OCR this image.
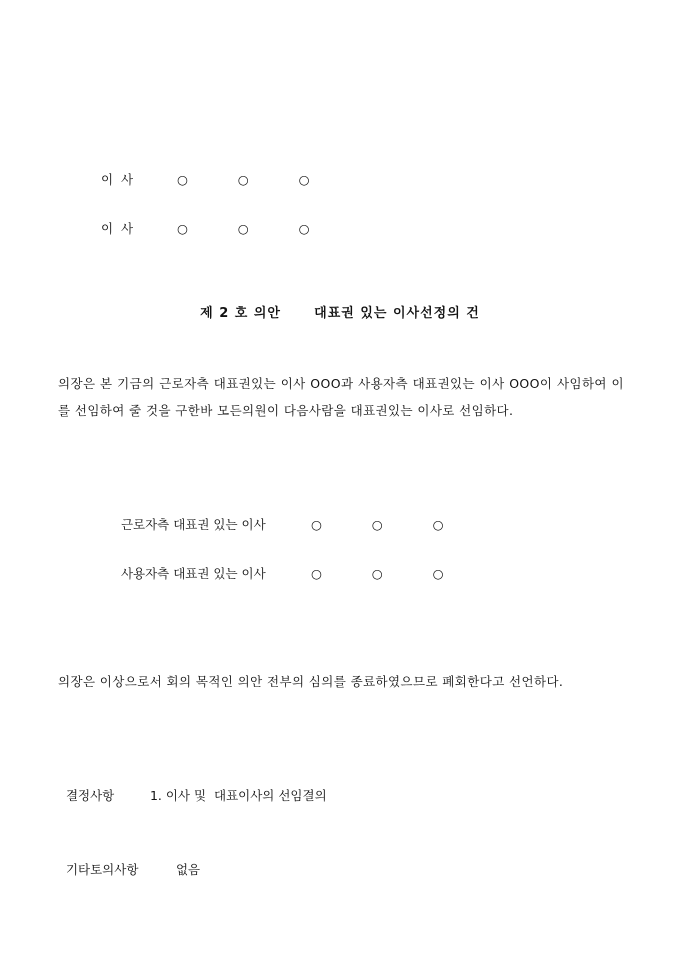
이  사	○  ○  ○

이  사	○  ○  ○

제 2 호 의안      대표권 있는 이사선정의 건
의장은 본 기금의 근로자측 대표권있는 이사 OOO과 사용자측 대표권있는 이사 OOO이 사임하여 이를 선임하여 줄 것을 구한바 모든의원이 다음사람을 대표권있는 이사로 선임하다.

근로자측 대표권 있는 이사	○  ○  ○

사용자측 대표권 있는 이사	○  ○  ○

의장은 이상으로서 회의 목적인 의안 전부의 심의를 종료하였으므로 폐회한다고 선언하다.

결정사항	1. 이사 및  대표이사의 선임결의

기타토의사항	없음
